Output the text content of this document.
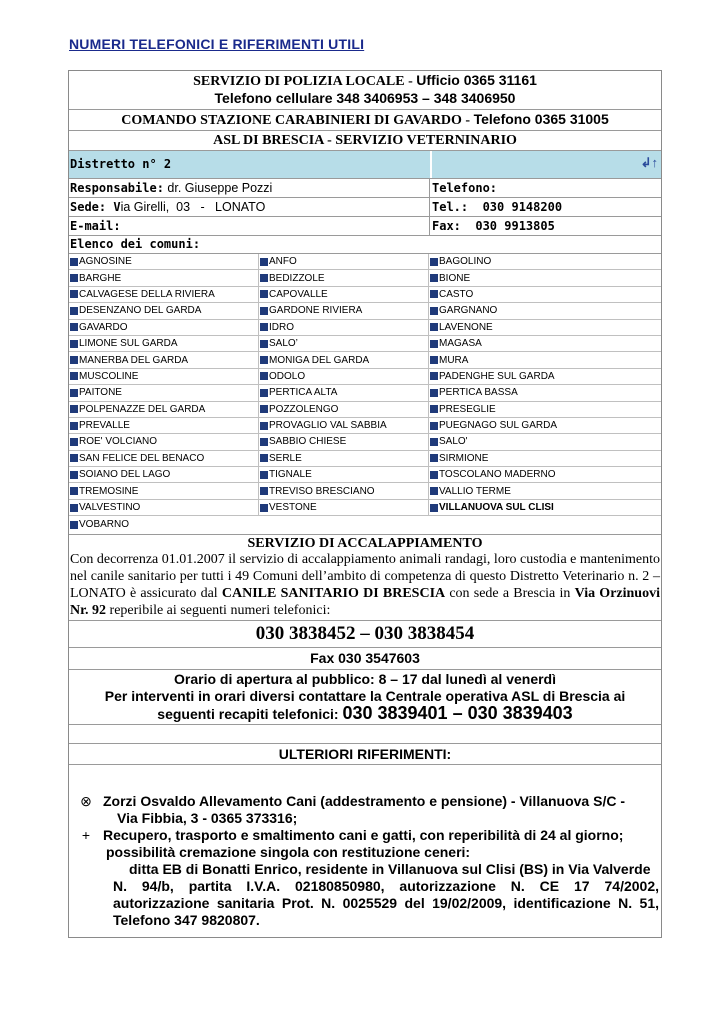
NUMERI TELEFONICI E RIFERIMENTI UTILI
SERVIZIO DI POLIZIA LOCALE - Ufficio 0365 31161
Telefono cellulare 348 3406953 – 348 3406950
COMANDO STAZIONE CARABINIERI DI GAVARDO - Telefono 0365 31005
ASL DI BRESCIA - SERVIZIO VETERNINARIO
Distretto n° 2	↲↑
Responsabile: dr. Giuseppe Pozzi	Telefono:
Sede: Via Girelli,  03   -   LONATO	Tel.:  030 9148200
E-mail:	Fax:  030 9913805
Elenco dei comuni:
AGNOSINE	ANFO	BAGOLINO
BARGHE	BEDIZZOLE	BIONE
CALVAGESE DELLA RIVIERA	CAPOVALLE	CASTO
DESENZANO DEL GARDA	GARDONE RIVIERA	GARGNANO
GAVARDO	IDRO	LAVENONE
LIMONE SUL GARDA	SALO’	MAGASA
MANERBA DEL GARDA	MONIGA DEL GARDA	MURA
MUSCOLINE	ODOLO	PADENGHE SUL GARDA
PAITONE	PERTICA ALTA	PERTICA BASSA
POLPENAZZE DEL GARDA	POZZOLENGO	PRESEGLIE
PREVALLE	PROVAGLIO VAL SABBIA	PUEGNAGO SUL GARDA
ROE' VOLCIANO	SABBIO CHIESE	SALO'
SAN FELICE DEL BENACO	SERLE	SIRMIONE
SOIANO DEL LAGO	TIGNALE	TOSCOLANO MADERNO
TREMOSINE	TREVISO BRESCIANO	VALLIO TERME
VALVESTINO	VESTONE	VILLANUOVA SUL CLISI
VOBARNO
SERVIZIO DI ACCALAPPIAMENTO
Con decorrenza 01.01.2007 il servizio di accalappiamento animali randagi, loro custodia e mantenimento nel canile sanitario per tutti i 49 Comuni dell’ambito di competenza di questo Distretto Veterinario n. 2 – LONATO è assicurato dal CANILE SANITARIO DI BRESCIA con sede a Brescia in Via Orzinuovi Nr. 92 reperibile ai seguenti numeri telefonici:
030 3838452 – 030 3838454
Fax 030 3547603
Orario di apertura al pubblico: 8 – 17 dal lunedì al venerdì
Per interventi in orari diversi contattare la Centrale operativa ASL di Brescia ai
seguenti recapiti telefonici: 030 3839401 – 030 3839403
ULTERIORI RIFERIMENTI:
⊗ Zorzi Osvaldo Allevamento Cani (addestramento e pensione) - Villanuova S/C -
Via Fibbia, 3 - 0365 373316;
+ Recupero, trasporto e smaltimento cani e gatti, con reperibilità di 24 al giorno;
possibilità cremazione singola con restituzione ceneri:
ditta EB di Bonatti Enrico, residente in Villanuova sul Clisi (BS) in Via Valverde
N. 94/b, partita I.V.A. 02180850980, autorizzazione N. CE 17 74/2002, autorizzazione sanitaria Prot. N. 0025529 del 19/02/2009, identificazione N. 51, Telefono 347 9820807.
